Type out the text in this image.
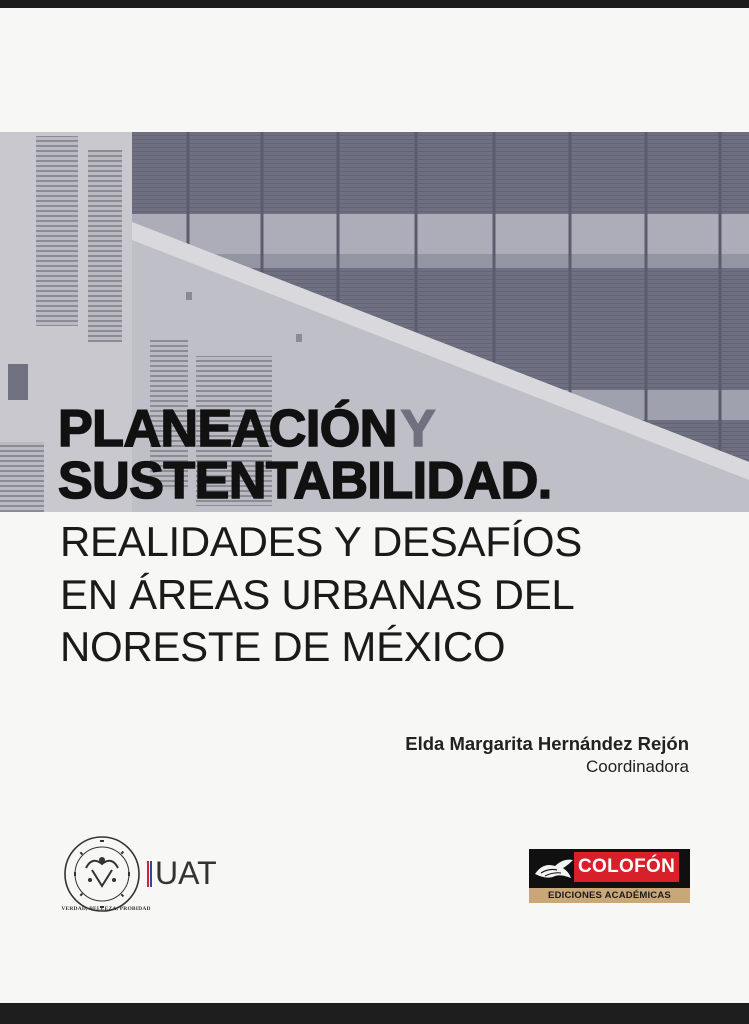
PLANEACIÓNY
SUSTENTABILIDAD.
REALIDADES Y DESAFÍOS
EN ÁREAS URBANAS DEL
NORESTE DE MÉXICO
Elda Margarita Hernández Rejón
Coordinadora
VERDAD, BELLEZA, PROBIDAD
UAT	COLOFÓN
EDICIONES ACADÉMICAS
